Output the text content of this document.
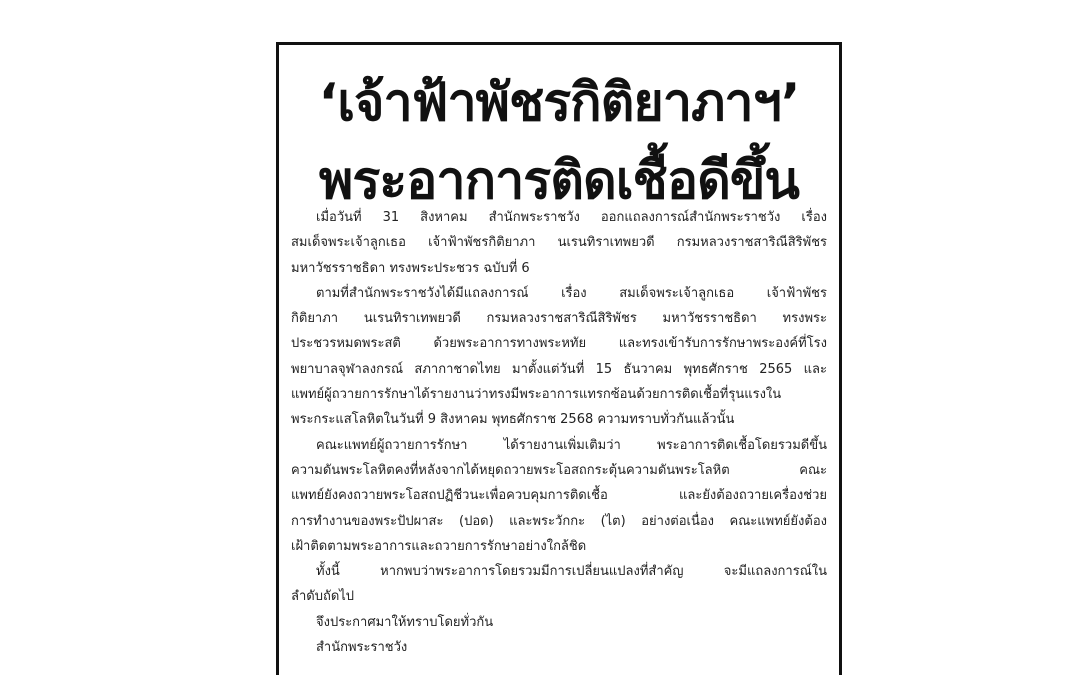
‘เจ้าฟ้าพัชรกิติยาภาฯ’
พระอาการติดเชื้อดีขึ้น
เมื่อวันที่ 31 สิงหาคม สำนักพระราชวัง ออกแถลงการณ์สำนักพระราชวัง เรื่อง
สมเด็จพระเจ้าลูกเธอ เจ้าฟ้าพัชรกิติยาภา นเรนทิราเทพยวดี กรมหลวงราชสาริณีสิริพัชร
มหาวัชรราชธิดา ทรงพระประชวร ฉบับที่ 6
ตามที่สำนักพระราชวังได้มีแถลงการณ์ เรื่อง สมเด็จพระเจ้าลูกเธอ เจ้าฟ้าพัชร
กิติยาภา นเรนทิราเทพยวดี กรมหลวงราชสาริณีสิริพัชร มหาวัชรราชธิดา ทรงพระ
ประชวรหมดพระสติ ด้วยพระอาการทางพระหทัย และทรงเข้ารับการรักษาพระองค์ที่โรง
พยาบาลจุฬาลงกรณ์ สภากาชาดไทย มาตั้งแต่วันที่ 15 ธันวาคม พุทธศักราช 2565 และ
แพทย์ผู้ถวายการรักษาได้รายงานว่าทรงมีพระอาการแทรกซ้อนด้วยการติดเชื้อที่รุนแรงใน
พระกระแสโลหิตในวันที่ 9 สิงหาคม พุทธศักราช 2568 ความทราบทั่วกันแล้วนั้น
คณะแพทย์ผู้ถวายการรักษา ได้รายงานเพิ่มเติมว่า พระอาการติดเชื้อโดยรวมดีขึ้น
ความดันพระโลหิตคงที่หลังจากได้หยุดถวายพระโอสถกระตุ้นความดันพระโลหิต คณะ
แพทย์ยังคงถวายพระโอสถปฏิชีวนะเพื่อควบคุมการติดเชื้อ และยังต้องถวายเครื่องช่วย
การทำงานของพระปัปผาสะ (ปอด) และพระวักกะ (ไต) อย่างต่อเนื่อง คณะแพทย์ยังต้อง
เฝ้าติดตามพระอาการและถวายการรักษาอย่างใกล้ชิด
ทั้งนี้ หากพบว่าพระอาการโดยรวมมีการเปลี่ยนแปลงที่สำคัญ จะมีแถลงการณ์ใน
ลำดับถัดไป
จึงประกาศมาให้ทราบโดยทั่วกัน
สำนักพระราชวัง
